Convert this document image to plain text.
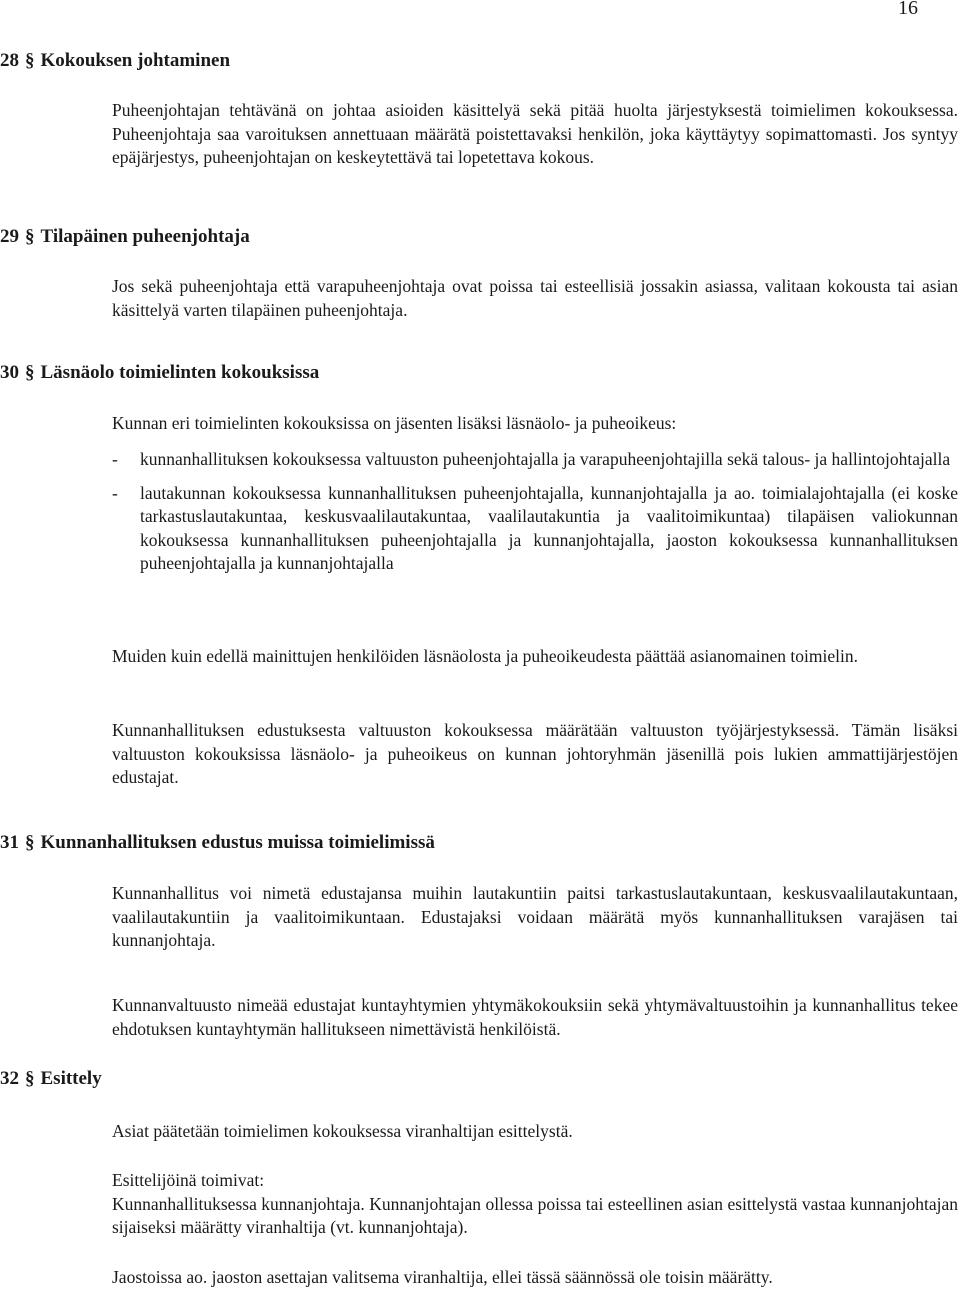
16
28 § Kokouksen johtaminen

Puheenjohtajan tehtävänä on johtaa asioiden käsittelyä sekä pitää huolta järjestyksestä toimielimen kokouksessa. Puheenjohtaja saa varoituksen annettuaan määrätä poistettavaksi henkilön, joka käyttäytyy sopimattomasti. Jos syntyy epäjärjestys, puheenjohtajan on keskeytettävä tai lopetettava kokous.

29 § Tilapäinen puheenjohtaja

Jos sekä puheenjohtaja että varapuheenjohtaja ovat poissa tai esteellisiä jossakin asiassa, valitaan kokousta tai asian käsittelyä varten tilapäinen puheenjohtaja.

30 § Läsnäolo toimielinten kokouksissa

Kunnan eri toimielinten kokouksissa on jäsenten lisäksi läsnäolo- ja puheoikeus:

- kunnanhallituksen kokouksessa valtuuston puheenjohtajalla ja varapuheenjohtajilla sekä talous- ja hallintojohtajalla
- lautakunnan kokouksessa kunnanhallituksen puheenjohtajalla, kunnanjohtajalla ja ao. toimialajohtajalla (ei koske tarkastuslautakuntaa, keskusvaalilautakuntaa, vaalilautakuntia ja vaalitoimikuntaa) tilapäisen valiokunnan kokouksessa kunnanhallituksen puheenjohtajalla ja kunnanjohtajalla, jaoston kokouksessa kunnanhallituksen puheenjohtajalla ja kunnanjohtajalla

Muiden kuin edellä mainittujen henkilöiden läsnäolosta ja puheoikeudesta päättää asianomainen toimielin.

Kunnanhallituksen edustuksesta valtuuston kokouksessa määrätään valtuuston työjärjestyksessä. Tämän lisäksi valtuuston kokouksissa läsnäolo- ja puheoikeus on kunnan johtoryhmän jäsenillä pois lukien ammattijärjestöjen edustajat.

31 § Kunnanhallituksen edustus muissa toimielimissä

Kunnanhallitus voi nimetä edustajansa muihin lautakuntiin paitsi tarkastuslautakuntaan, keskusvaalilautakuntaan, vaalilautakuntiin ja vaalitoimikuntaan. Edustajaksi voidaan määrätä myös kunnanhallituksen varajäsen tai kunnanjohtaja.

Kunnanvaltuusto nimeää edustajat kuntayhtymien yhtymäkokouksiin sekä yhtymävaltuustoihin ja kunnanhallitus tekee ehdotuksen kuntayhtymän hallitukseen nimettävistä henkilöistä.

32 § Esittely

Asiat päätetään toimielimen kokouksessa viranhaltijan esittelystä.

Esittelijöinä toimivat:

Kunnanhallituksessa kunnanjohtaja. Kunnanjohtajan ollessa poissa tai esteellinen asian esittelystä vastaa kunnanjohtajan sijaiseksi määrätty viranhaltija (vt. kunnanjohtaja).

Jaostoissa ao. jaoston asettajan valitsema viranhaltija, ellei tässä säännössä ole toisin määrätty.
